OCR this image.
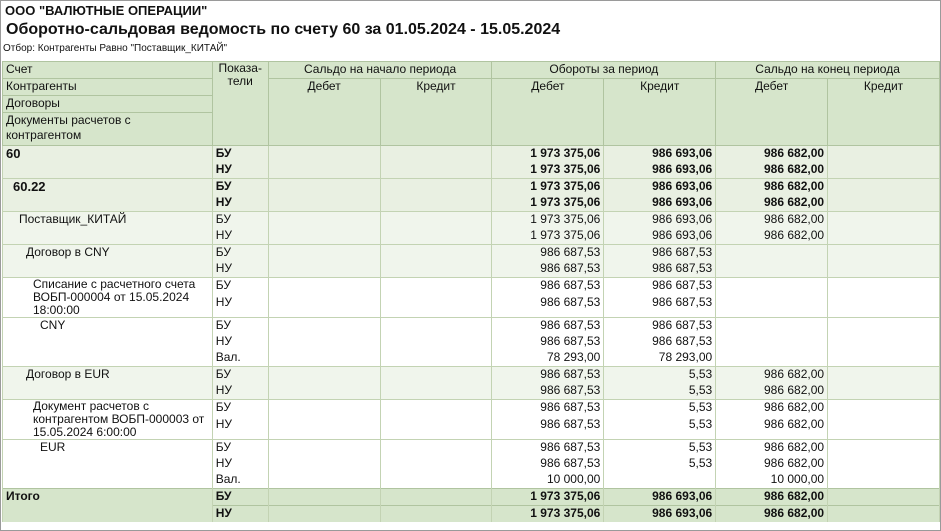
ООО "ВАЛЮТНЫЕ ОПЕРАЦИИ"
Оборотно-сальдовая ведомость по счету 60 за 01.05.2024 - 15.05.2024
Отбор: Контрагенты Равно "Поставщик_КИТАЙ"
Счет	Показа-тели	Сальдо на начало периода		Обороты за период		Сальдо на конец периода	
Контрагенты		Дебет	Кредит	Дебет	Кредит	Дебет	Кредит
Договоры							
Документы расчетов с контрагентом							

60	БУ			1 973 375,06	986 693,06	986 682,00	
	НУ			1 973 375,06	986 693,06	986 682,00	
60.22	БУ			1 973 375,06	986 693,06	986 682,00	
	НУ			1 973 375,06	986 693,06	986 682,00	
Поставщик_КИТАЙ	БУ			1 973 375,06	986 693,06	986 682,00	
	НУ			1 973 375,06	986 693,06	986 682,00	
Договор в CNY	БУ			986 687,53	986 687,53		
	НУ			986 687,53	986 687,53		
Списание с расчетного счета ВОБП-000004 от 15.05.2024 18:00:00	БУ			986 687,53	986 687,53		
	НУ			986 687,53	986 687,53		
CNY	БУ			986 687,53	986 687,53		
	НУ			986 687,53	986 687,53		
	Вал.			78 293,00	78 293,00		
Договор в EUR	БУ			986 687,53	5,53	986 682,00	
	НУ			986 687,53	5,53	986 682,00	
Документ расчетов с контрагентом ВОБП-000003 от 15.05.2024 6:00:00	БУ			986 687,53	5,53	986 682,00	
	НУ			986 687,53	5,53	986 682,00	
EUR	БУ			986 687,53	5,53	986 682,00	
	НУ			986 687,53	5,53	986 682,00	
	Вал.			10 000,00		10 000,00	
Итого	БУ			1 973 375,06	986 693,06	986 682,00	
	НУ			1 973 375,06	986 693,06	986 682,00	
